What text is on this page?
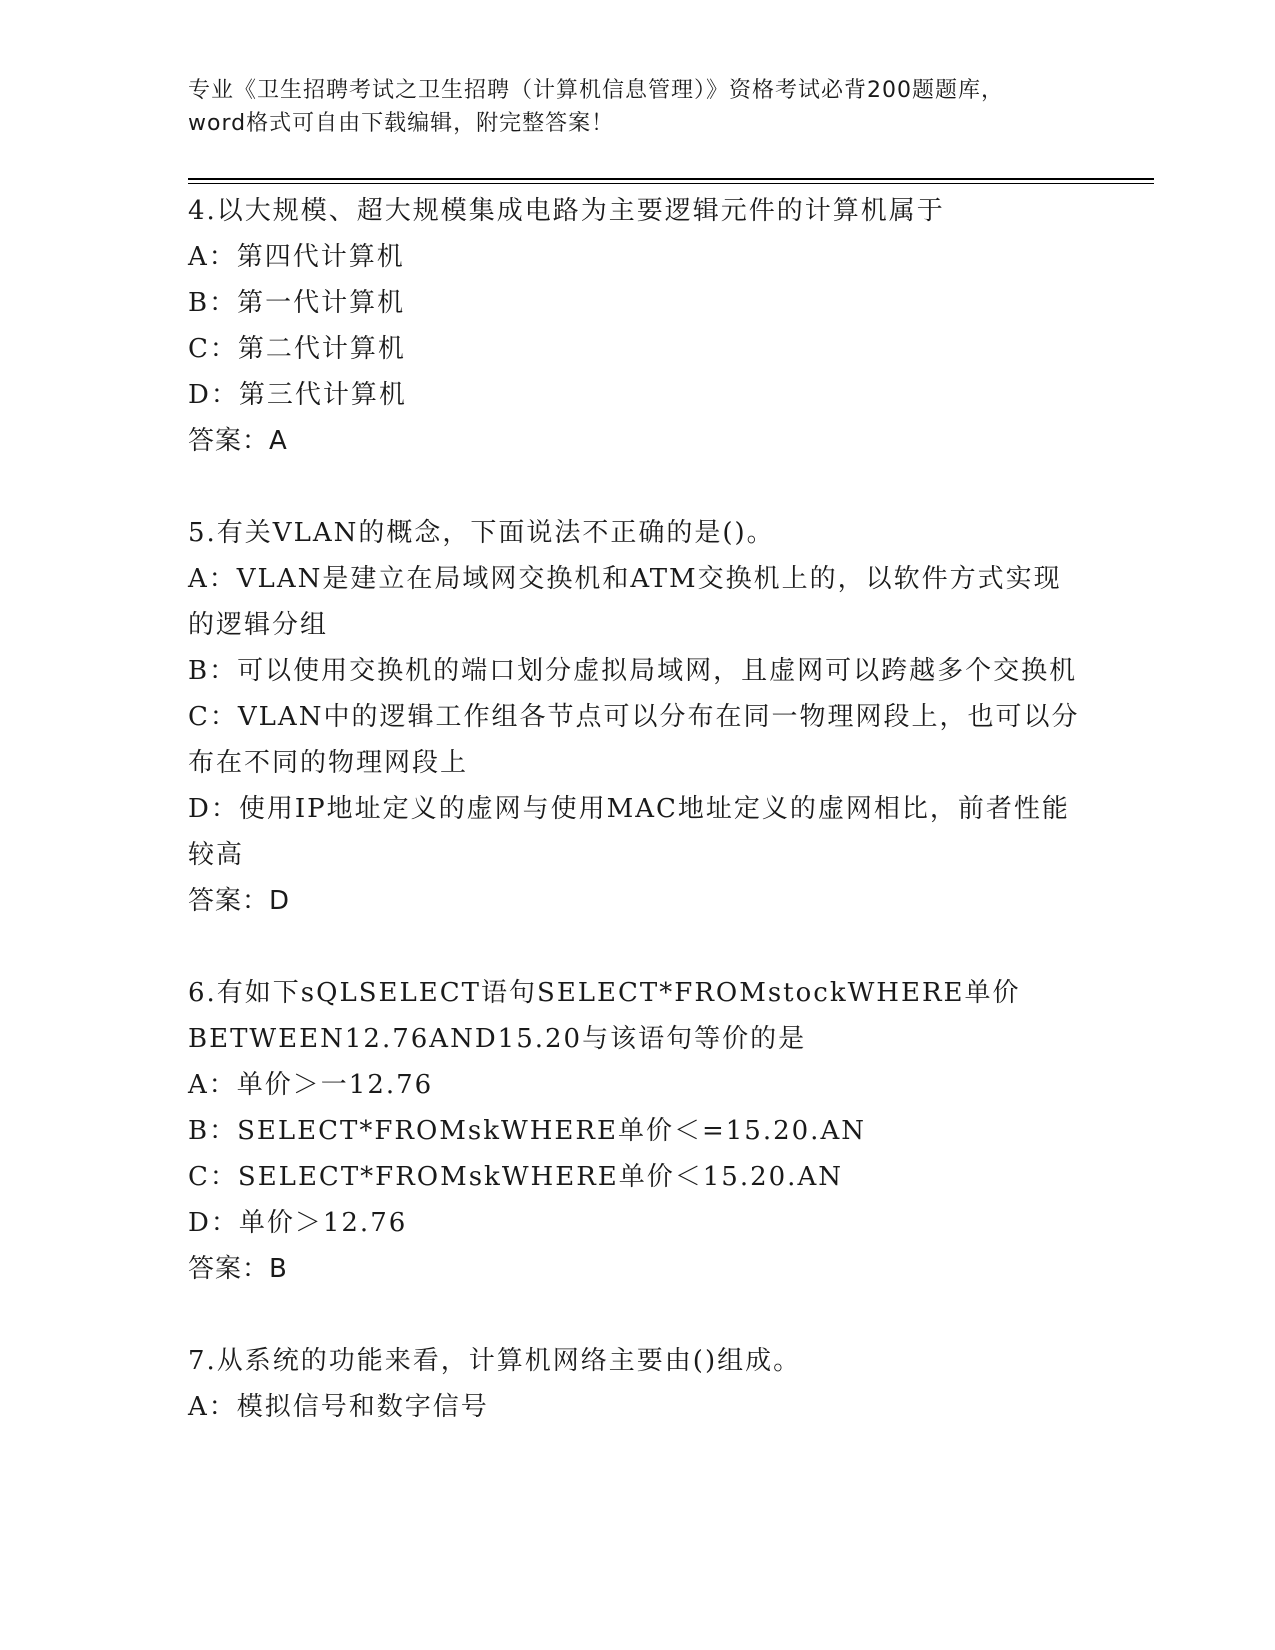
专业《卫生招聘考试之卫生招聘（计算机信息管理）》资格考试必背200题题库，
word格式可自由下载编辑，附完整答案！

4.以大规模、超大规模集成电路为主要逻辑元件的计算机属于

A：第四代计算机

B：第一代计算机

C：第二代计算机

D：第三代计算机

答案：A

5.有关VLAN的概念，下面说法不正确的是()。

A：VLAN是建立在局域网交换机和ATM交换机上的，以软件方式实现的逻辑分组

B：可以使用交换机的端口划分虚拟局域网，且虚网可以跨越多个交换机

C：VLAN中的逻辑工作组各节点可以分布在同一物理网段上，也可以分布在不同的物理网段上

D：使用IP地址定义的虚网与使用MAC地址定义的虚网相比，前者性能较高

答案：D

6.有如下sQLSELECT语句SELECT*FROMstockWHERE单价BETWEEN12.76AND15.20与该语句等价的是

A：单价＞一12.76

B：SELECT*FROMskWHERE单价＜=15.20.AN

C：SELECT*FROMskWHERE单价＜15.20.AN

D：单价＞12.76

答案：B

7.从系统的功能来看，计算机网络主要由()组成。

A：模拟信号和数字信号
